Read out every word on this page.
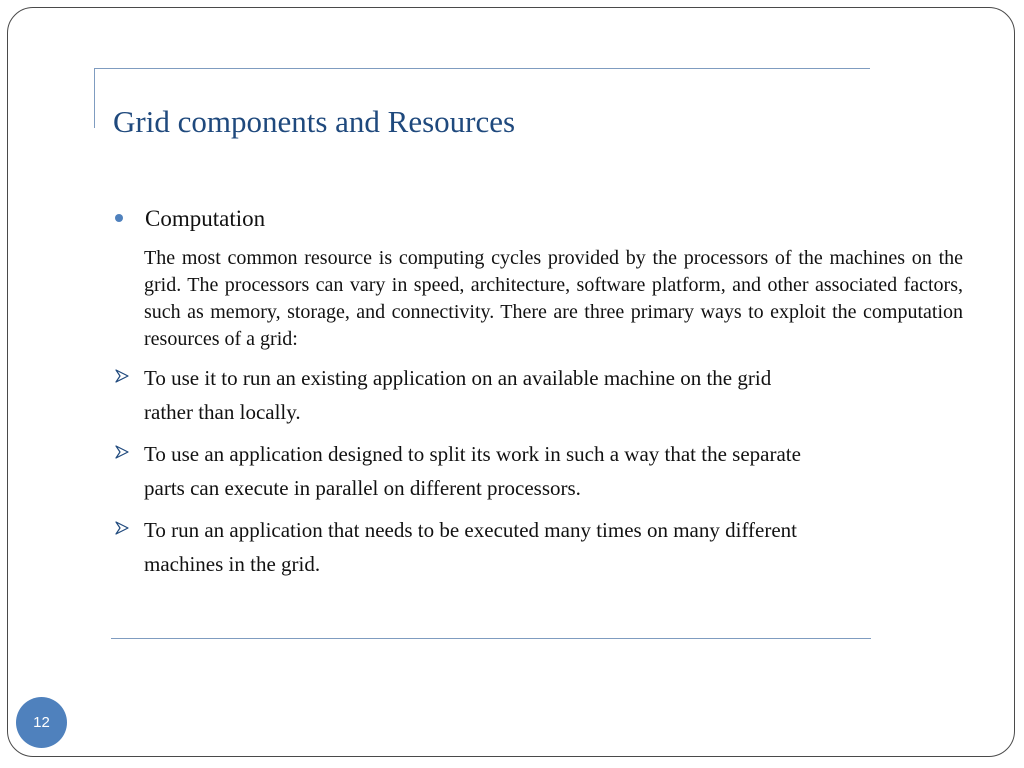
Grid components and Resources
Computation

The most common resource is computing cycles provided by the processors of the machines on the grid. The processors can vary in speed, architecture, software platform, and other associated factors, such as memory, storage, and connectivity. There are three primary ways to exploit the computation resources of a grid:

To use it to run an existing application on an available machine on the grid
rather than locally.
To use an application designed to split its work in such a way that the separate
parts can execute in parallel on different processors.
To run an application that needs to be executed many times on many different
machines in the grid.
12
